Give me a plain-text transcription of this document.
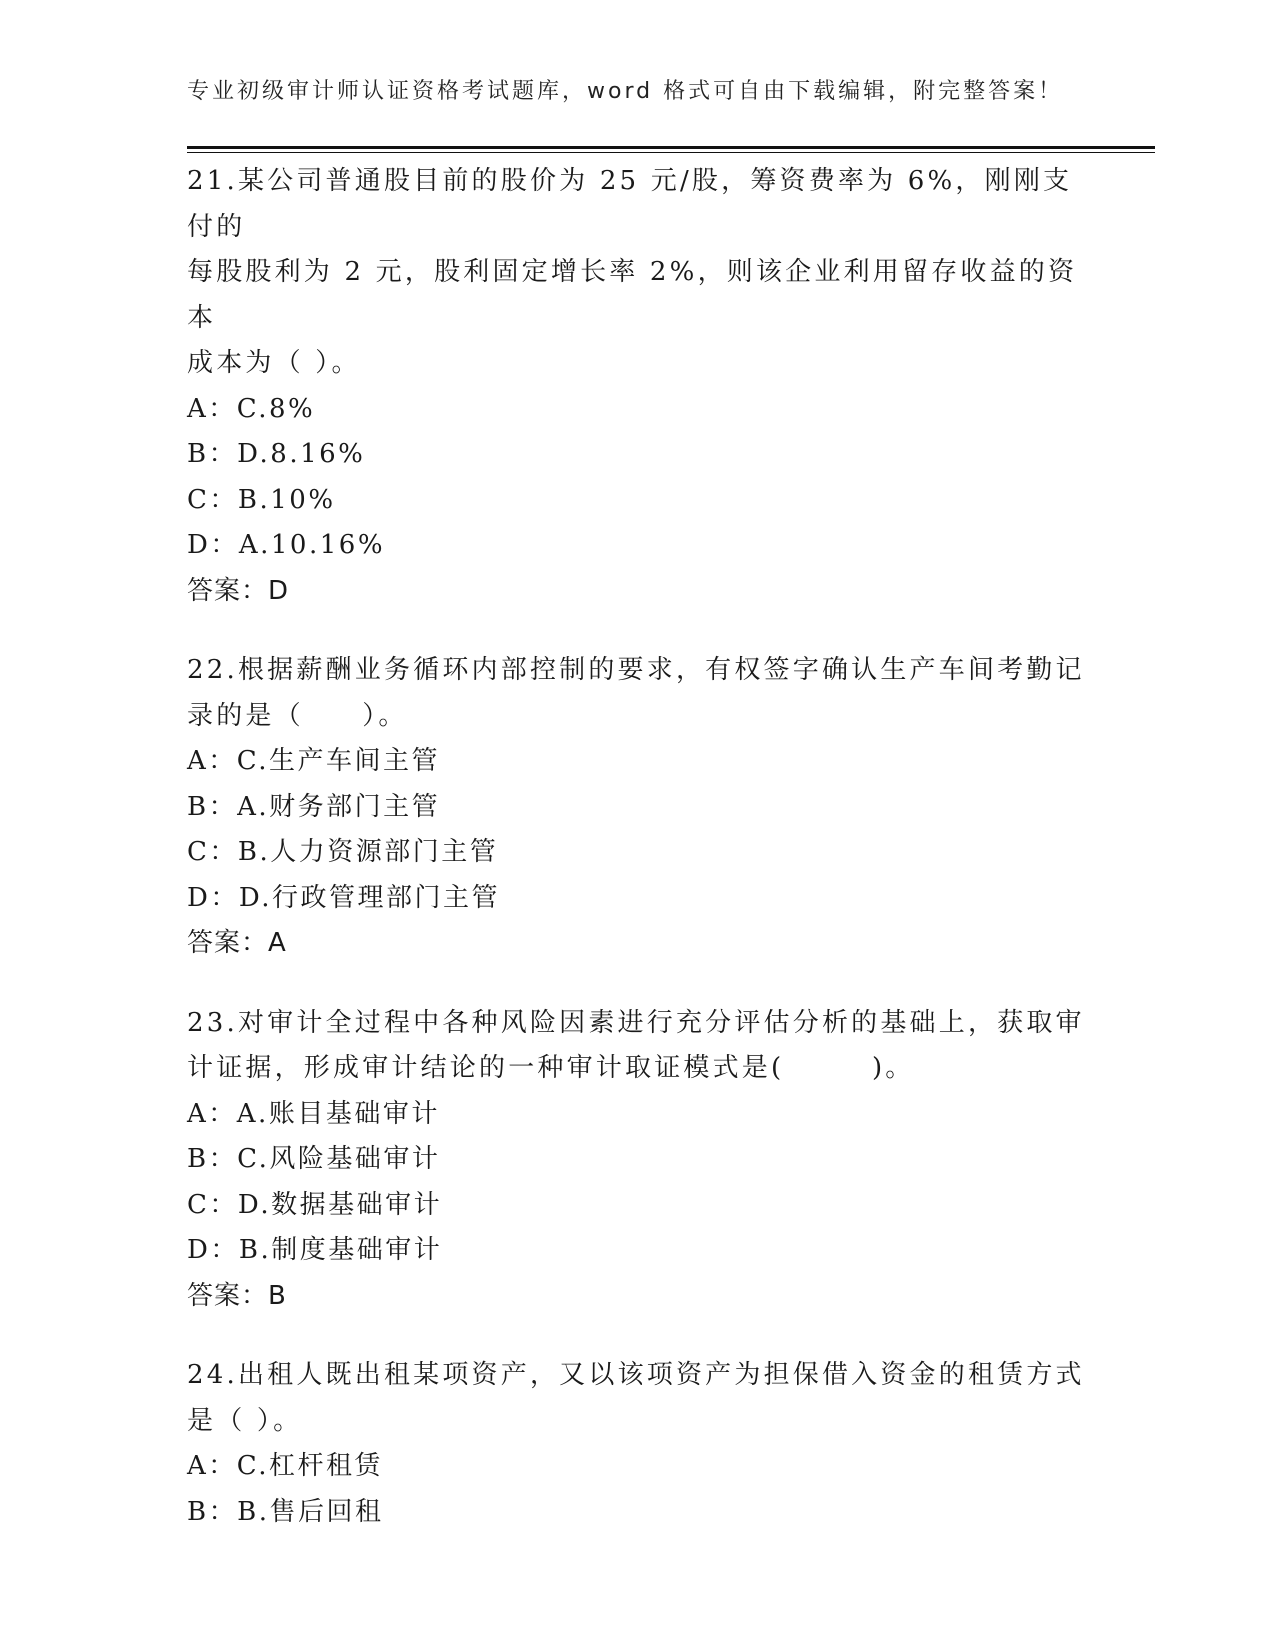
专业初级审计师认证资格考试题库，word 格式可自由下载编辑，附完整答案！
21.某公司普通股目前的股价为 25 元/股，筹资费率为 6%，刚刚支付的
每股股利为 2 元，股利固定增长率 2%，则该企业利用留存收益的资本
成本为（ ）。
A：C.8%
B：D.8.16%
C：B.10%
D：A.10.16%
答案：D
22.根据薪酬业务循环内部控制的要求，有权签字确认生产车间考勤记
录的是（　　）。
A：C.生产车间主管
B：A.财务部门主管
C：B.人力资源部门主管
D：D.行政管理部门主管
答案：A
23.对审计全过程中各种风险因素进行充分评估分析的基础上，获取审
计证据，形成审计结论的一种审计取证模式是(　　　)。
A：A.账目基础审计
B：C.风险基础审计
C：D.数据基础审计
D：B.制度基础审计
答案：B
24.出租人既出租某项资产，又以该项资产为担保借入资金的租赁方式
是（ ）。
A：C.杠杆租赁
B：B.售后回租
